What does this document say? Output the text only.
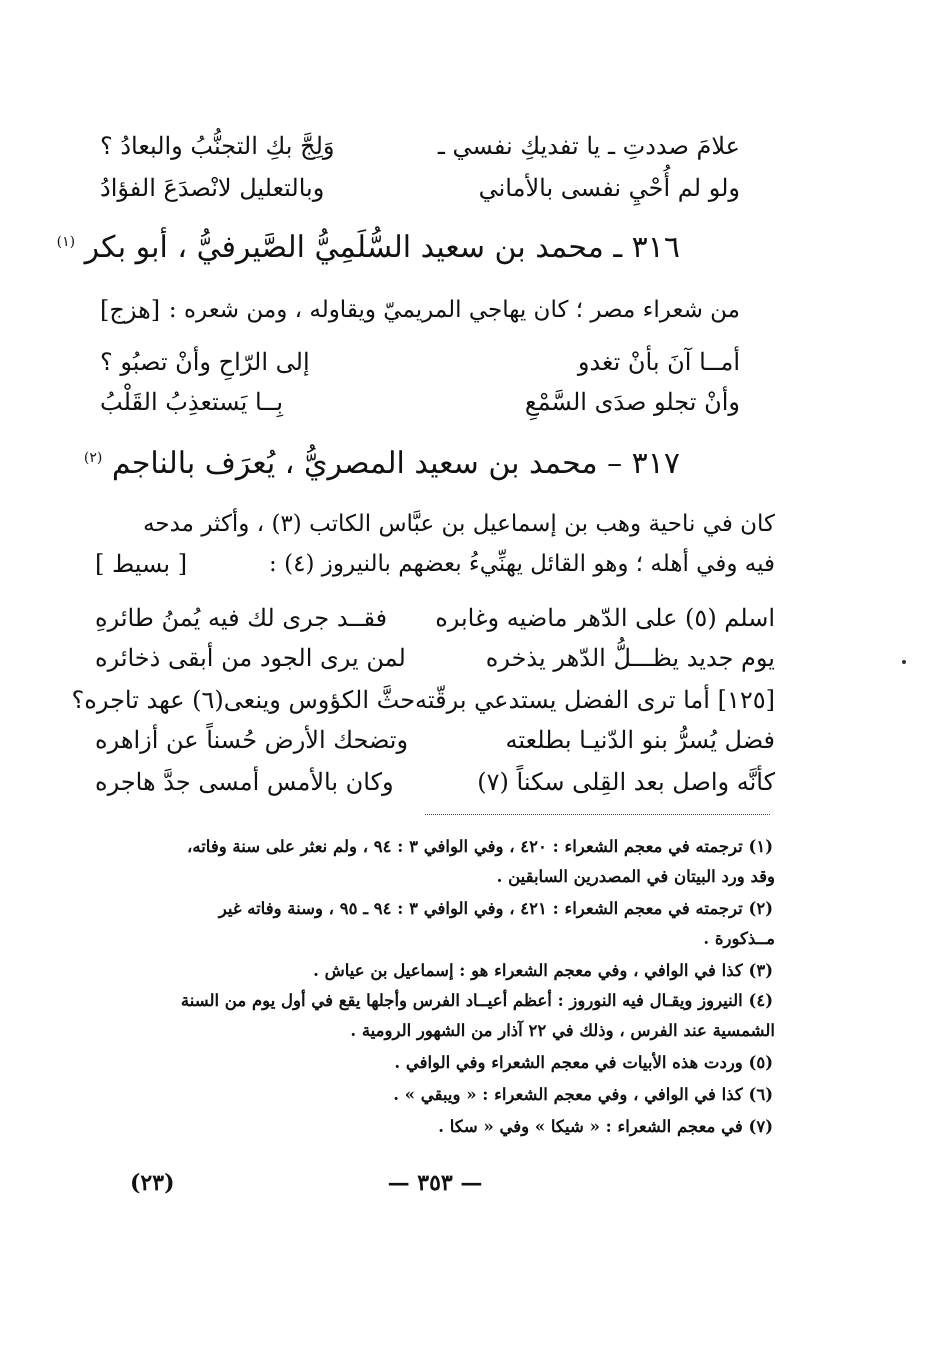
علامَ صددتِ ـ يا تفديكِ نفسي ـ
وَلِجَّ بكِ التجنُّبُ والبعادُ ؟
ولو لم أُحْيِ نفسى بالأماني
وبالتعليل لانْصدَعَ الفؤادُ
٣١٦ ـ محمد بن سعيد السُّلَمِيُّ الصَّيرفيُّ ، أبو بكر $^{(١)}$
من شعراء مصر ؛ كان يهاجي المريميّ ويقاوله ، ومن شعره :
[هزج]
أمــا آنَ بأنْ تغدو
إلى الرّاحِ وأنْ تصبُو ؟
وأنْ تجلو صدَى السَّمْعِ
بِــا يَستعذِبُ القَلْبُ
٣١٧ – محمد بن سعيد المصريُّ ، يُعرَف بالناجم $^{(٢)}$
كان في ناحية وهب بن إسماعيل بن عبَّاس الكاتب (٣) ، وأكثر مدحه
فيه وفي أهله ؛ وهو القائل يهنِّيءُ بعضهم بالنيروز (٤) :
[ بسيط ]
اسلم (٥) على الدّهر ماضيه وغابره
فقــد جرى لك فيه يُمنُ طائرهِ
يوم جديد يظـــلُّ الدّهر يذخره
لمن يرى الجود من أبقى ذخائره
[١٢٥] أما ترى الفضل يستدعي برقّته
حثَّ الكؤوس وينعى(٦) عهد تاجره؟
فضل يُسرُّ بنو الدّنيـا بطلعته
وتضحك الأرض حُسناً عن أزاهره
كأنَّه واصل بعد القِلى سكناً (٧)
وكان بالأمس أمسى جدَّ هاجره
(١) ترجمته في معجم الشعراء : ٤٢٠ ، وفي الوافي ٣ : ٩٤ ، ولم نعثر على سنة وفاته،
وقد ورد البيتان في المصدرين السابقين .
(٢) ترجمته في معجم الشعراء : ٤٢١ ، وفي الوافي ٣ : ٩٤ ـ ٩٥ ، وسنة وفاته غير
مــذكورة .
(٣) كذا في الوافي ، وفي معجم الشعراء هو : إسماعيل بن عياش .
(٤) النيروز ويقـال فيه النوروز : أعظم أعيــاد الفرس وأجلها يقع في أول يوم من السنة
الشمسية عند الفرس ، وذلك في ٢٢ آذار من الشهور الرومية .
(٥) وردت هذه الأبيات في معجم الشعراء وفي الوافي .
(٦) كذا في الوافي ، وفي معجم الشعراء : « ويبقي » .
(٧) في معجم الشعراء : « شيكا » وفي « سكا .
— ٣٥٣ —
(٢٣)
